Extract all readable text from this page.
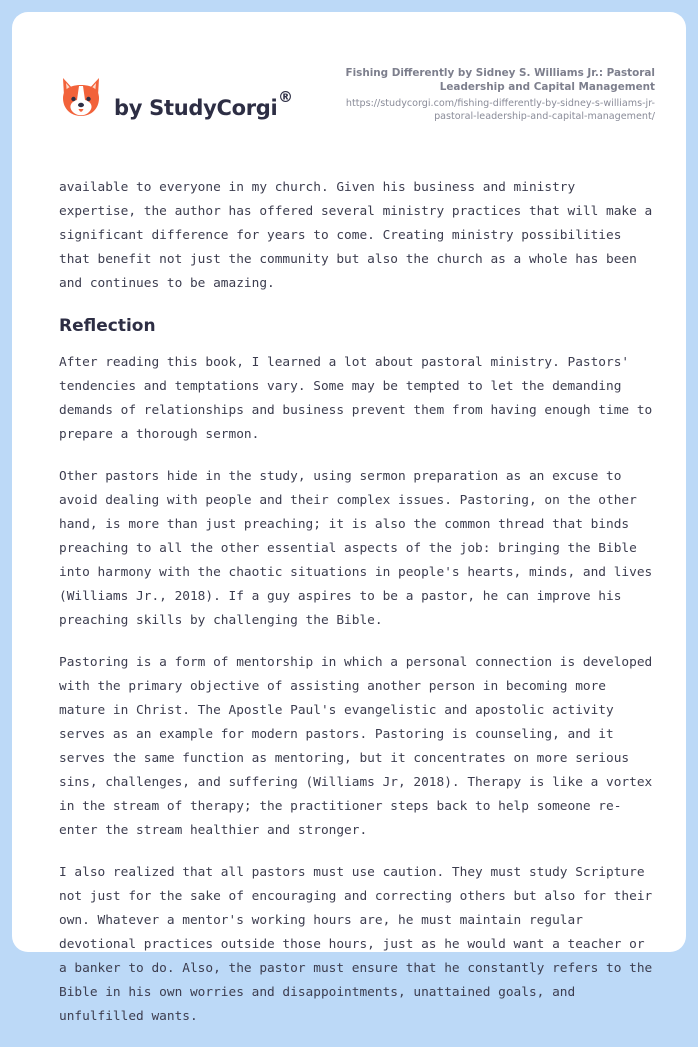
by StudyCorgi ®
Fishing Differently by Sidney S. Williams Jr.: Pastoral Leadership and Capital Management
https://studycorgi.com/fishing-differently-by-sidney-s-williams-jr-pastoral-leadership-and-capital-management/

available to everyone in my church. Given his business and ministry expertise, the author has offered several ministry practices that will make a significant difference for years to come. Creating ministry possibilities that benefit not just the community but also the church as a whole has been and continues to be amazing.

Reflection

After reading this book, I learned a lot about pastoral ministry. Pastors' tendencies and temptations vary. Some may be tempted to let the demanding demands of relationships and business prevent them from having enough time to prepare a thorough sermon.

Other pastors hide in the study, using sermon preparation as an excuse to avoid dealing with people and their complex issues. Pastoring, on the other hand, is more than just preaching; it is also the common thread that binds preaching to all the other essential aspects of the job: bringing the Bible into harmony with the chaotic situations in people's hearts, minds, and lives (Williams Jr., 2018). If a guy aspires to be a pastor, he can improve his preaching skills by challenging the Bible.

Pastoring is a form of mentorship in which a personal connection is developed with the primary objective of assisting another person in becoming more mature in Christ. The Apostle Paul's evangelistic and apostolic activity serves as an example for modern pastors. Pastoring is counseling, and it serves the same function as mentoring, but it concentrates on more serious sins, challenges, and suffering (Williams Jr, 2018). Therapy is like a vortex in the stream of therapy; the practitioner steps back to help someone re-enter the stream healthier and stronger.

I also realized that all pastors must use caution. They must study Scripture not just for the sake of encouraging and correcting others but also for their own. Whatever a mentor's working hours are, he must maintain regular devotional practices outside those hours, just as he would want a teacher or a banker to do. Also, the pastor must ensure that he constantly refers to the Bible in his own worries and disappointments, unattained goals, and unfulfilled wants.
